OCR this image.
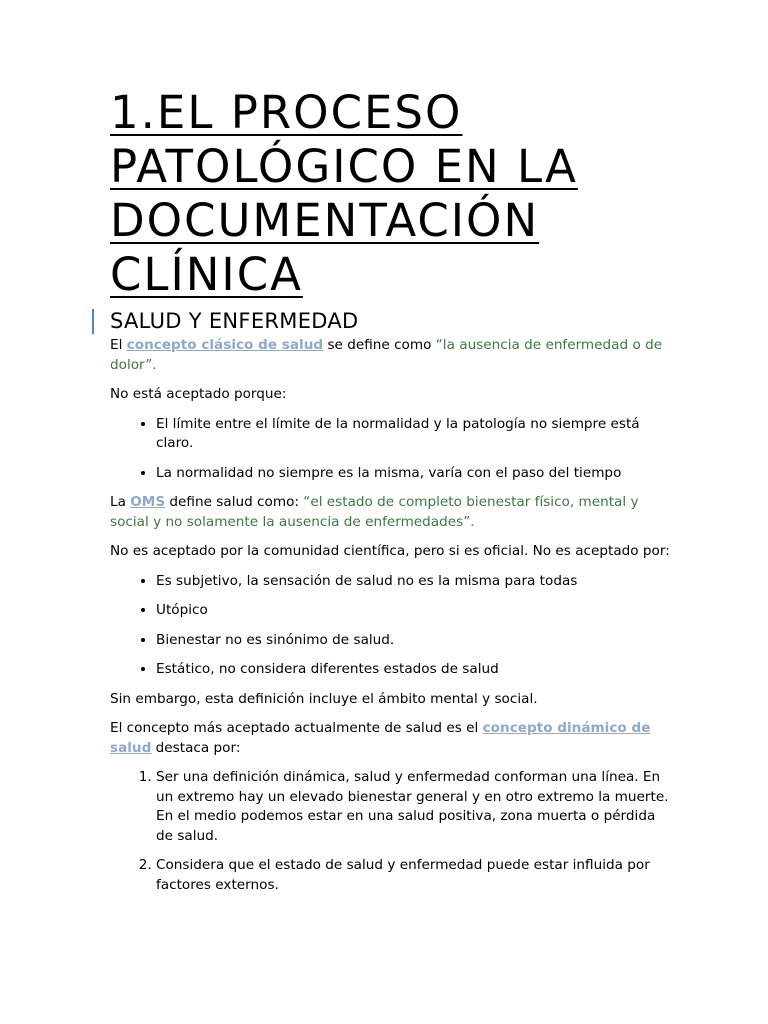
1.EL PROCESO
PATOLÓGICO EN LA
DOCUMENTACIÓN
CLÍNICA
SALUD Y ENFERMEDAD

El concepto clásico de salud se define como “la ausencia de enfermedad o de dolor”.

No está aceptado porque:

• El límite entre el límite de la normalidad y la patología no siempre está claro.
• La normalidad no siempre es la misma, varía con el paso del tiempo

La OMS define salud como: “el estado de completo bienestar físico, mental y social y no solamente la ausencia de enfermedades”.

No es aceptado por la comunidad científica, pero si es oficial. No es aceptado por:

• Es subjetivo, la sensación de salud no es la misma para todas
• Utópico
• Bienestar no es sinónimo de salud.
• Estático, no considera diferentes estados de salud

Sin embargo, esta definición incluye el ámbito mental y social.

El concepto más aceptado actualmente de salud es el concepto dinámico de salud destaca por:

1. Ser una definición dinámica, salud y enfermedad conforman una línea. En un extremo hay un elevado bienestar general y en otro extremo la muerte. En el medio podemos estar en una salud positiva, zona muerta o pérdida de salud.
2. Considera que el estado de salud y enfermedad puede estar influida por factores externos.
